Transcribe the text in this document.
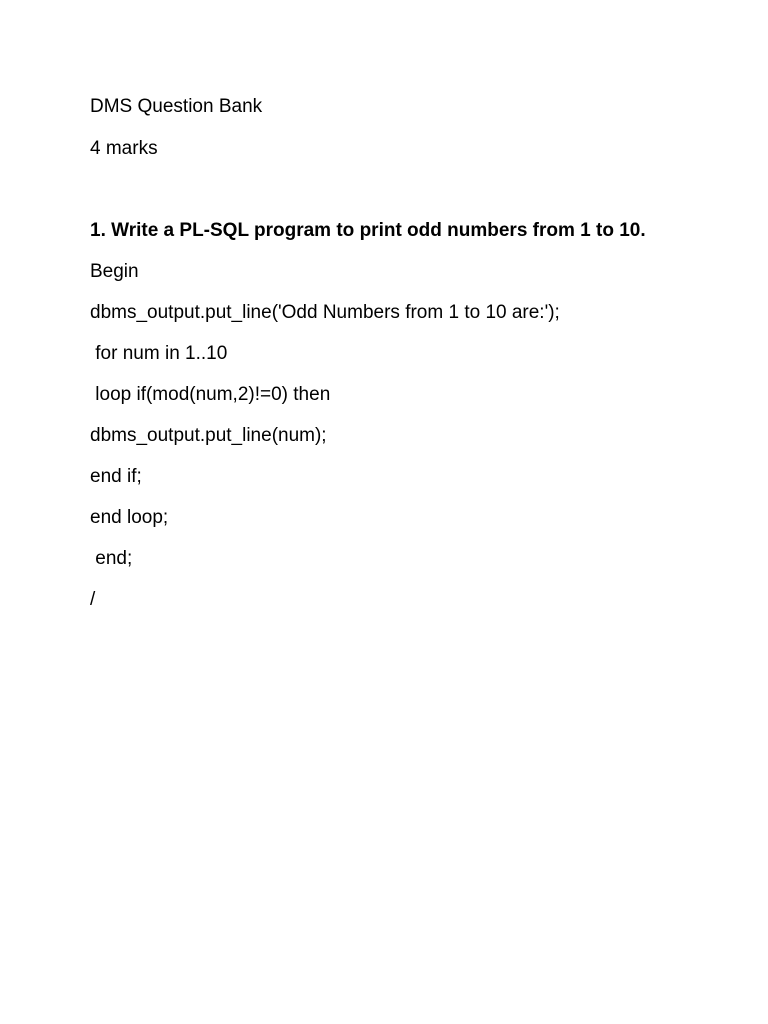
DMS Question Bank
4 marks
1. Write a PL-SQL program to print odd numbers from 1 to 10.
Begin
dbms_output.put_line('Odd Numbers from 1 to 10 are:');
for num in 1..10
loop if(mod(num,2)!=0) then
dbms_output.put_line(num);
end if;
end loop;
end;
/
